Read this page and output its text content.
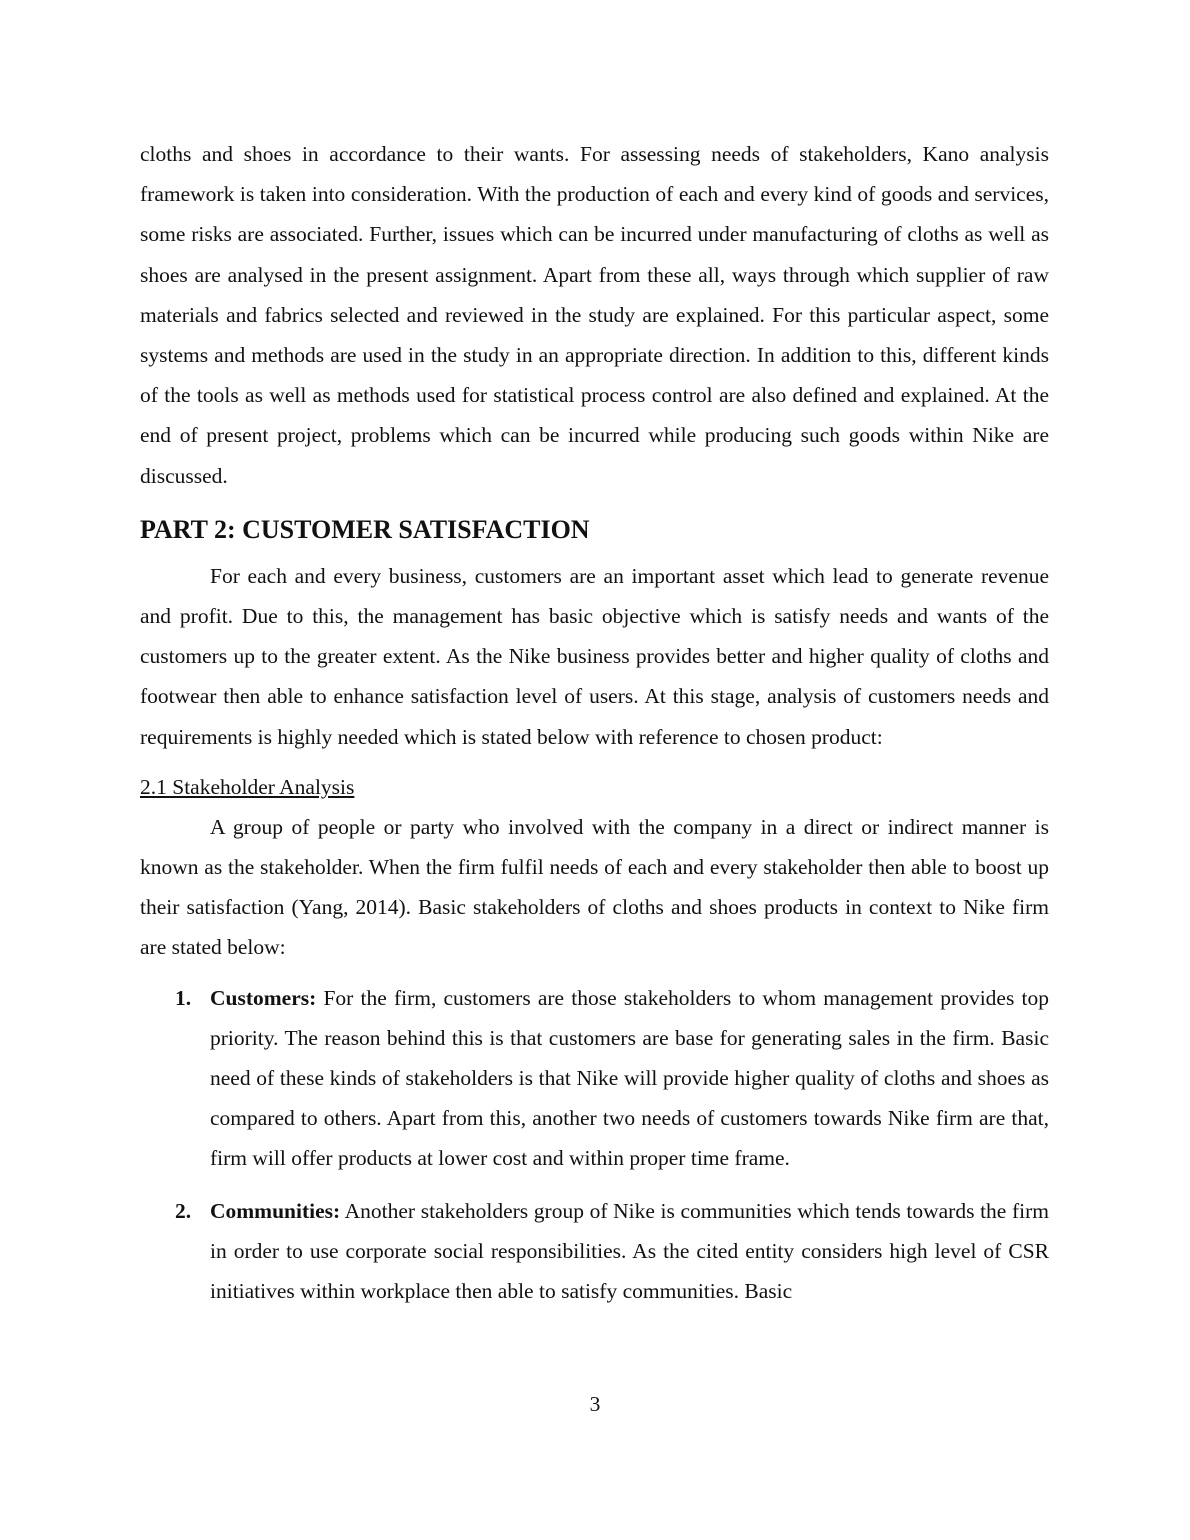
cloths and shoes in accordance to their wants. For assessing needs of stakeholders, Kano analysis framework is taken into consideration. With the production of each and every kind of goods and services, some risks are associated. Further, issues which can be incurred under manufacturing of cloths as well as shoes are analysed in the present assignment. Apart from these all, ways through which supplier of raw materials and fabrics selected and reviewed in the study are explained. For this particular aspect, some systems and methods are used in the study in an appropriate direction. In addition to this, different kinds of the tools as well as methods used for statistical process control are also defined and explained. At the end of present project, problems which can be incurred while producing such goods within Nike are discussed.

PART 2: CUSTOMER SATISFACTION

For each and every business, customers are an important asset which lead to generate revenue and profit. Due to this, the management has basic objective which is satisfy needs and wants of the customers up to the greater extent. As the Nike business provides better and higher quality of cloths and footwear then able to enhance satisfaction level of users. At this stage, analysis of customers needs and requirements is highly needed which is stated below with reference to chosen product:

2.1 Stakeholder Analysis

A group of people or party who involved with the company in a direct or indirect manner is known as the stakeholder. When the firm fulfil needs of each and every stakeholder then able to boost up their satisfaction (Yang, 2014). Basic stakeholders of cloths and shoes products in context to Nike firm are stated below:

1. Customers: For the firm, customers are those stakeholders to whom management provides top priority. The reason behind this is that customers are base for generating sales in the firm. Basic need of these kinds of stakeholders is that Nike will provide higher quality of cloths and shoes as compared to others. Apart from this, another two needs of customers towards Nike firm are that, firm will offer products at lower cost and within proper time frame.

2. Communities: Another stakeholders group of Nike is communities which tends towards the firm in order to use corporate social responsibilities. As the cited entity considers high level of CSR initiatives within workplace then able to satisfy communities. Basic

3
